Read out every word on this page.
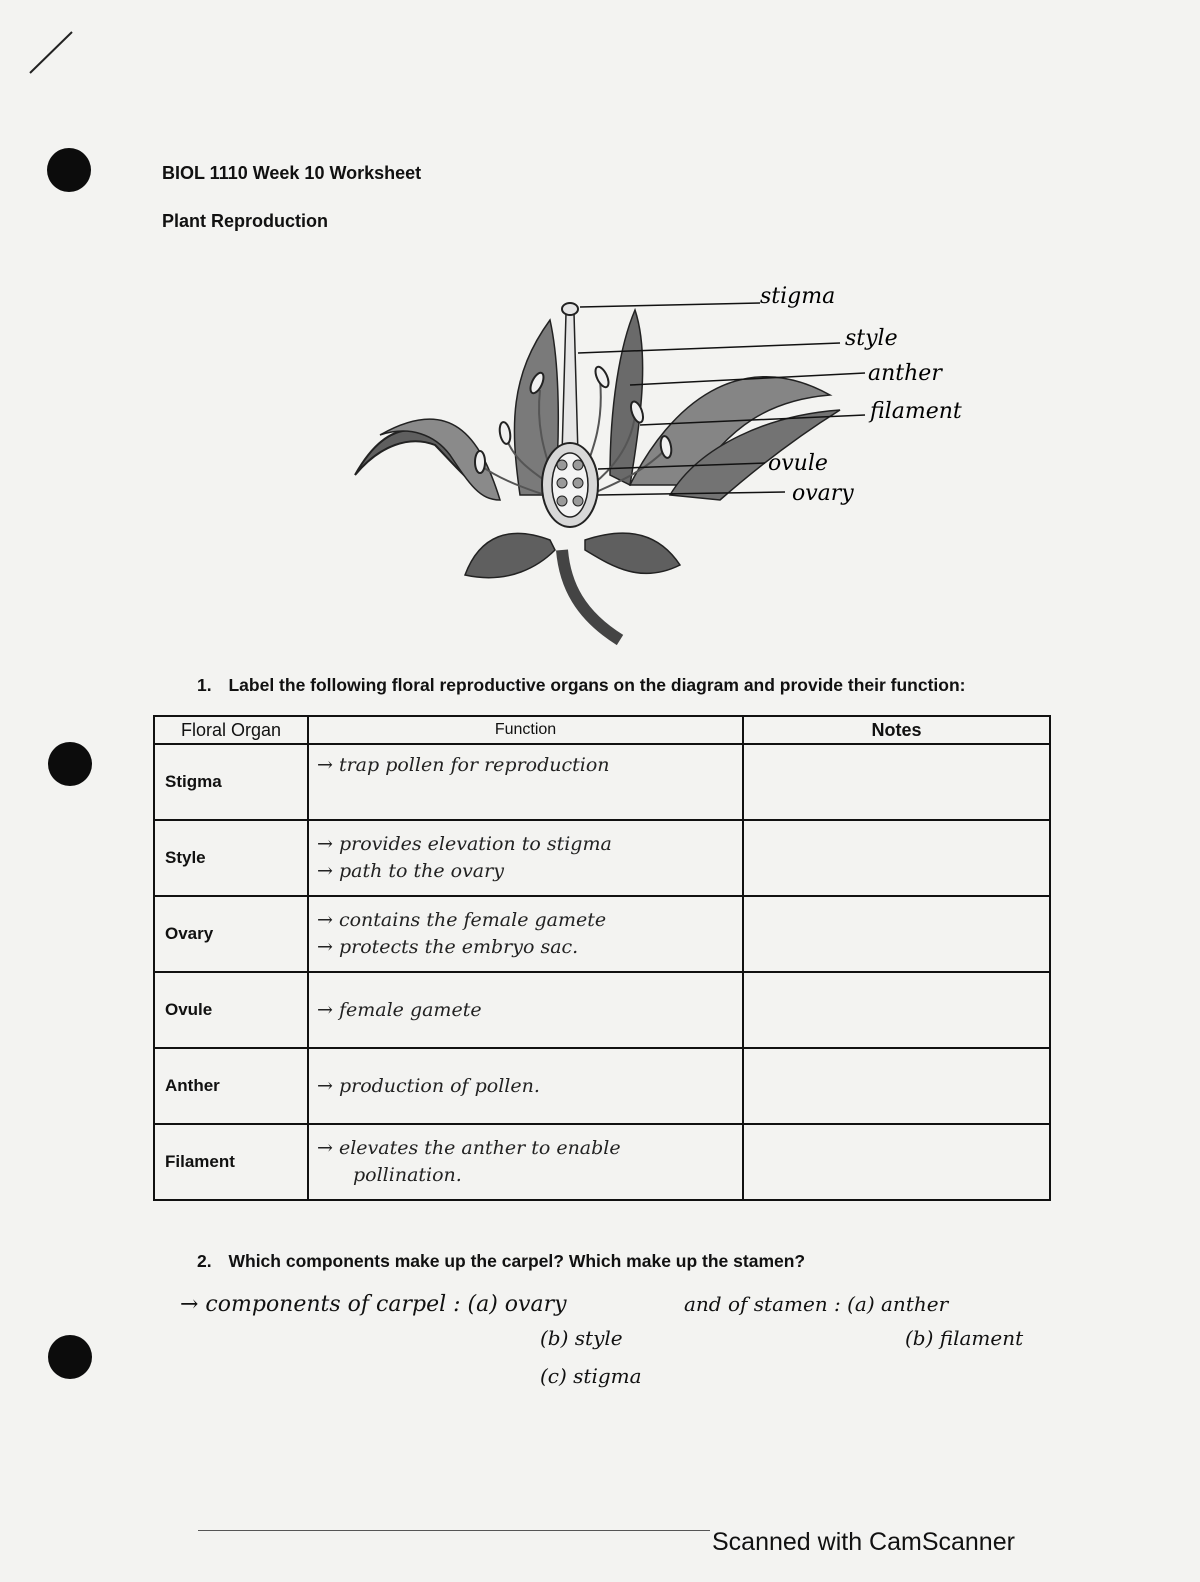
BIOL 1110 Week 10 Worksheet
Plant Reproduction
stigma
style
anther
filament
ovule
ovary
1. Label the following floral reproductive organs on the diagram and provide their function:
Floral Organ	Function	Notes
Stigma	→ trap pollen for reproduction	

Style	→ provides elevation to stigma
→ path to the ovary	

Ovary	→ contains the female gamete
→ protects the embryo sac.	

Ovule	→ female gamete	

Anther	→ production of pollen.	

Filament	→ elevates the anther to enable
pollination.	

2. Which components make up the carpel? Which make up the stamen?
→ components of carpel : (a) ovary
(b) style
(c) stigma
and of stamen : (a) anther
(b) filament
Scanned with CamScanner
